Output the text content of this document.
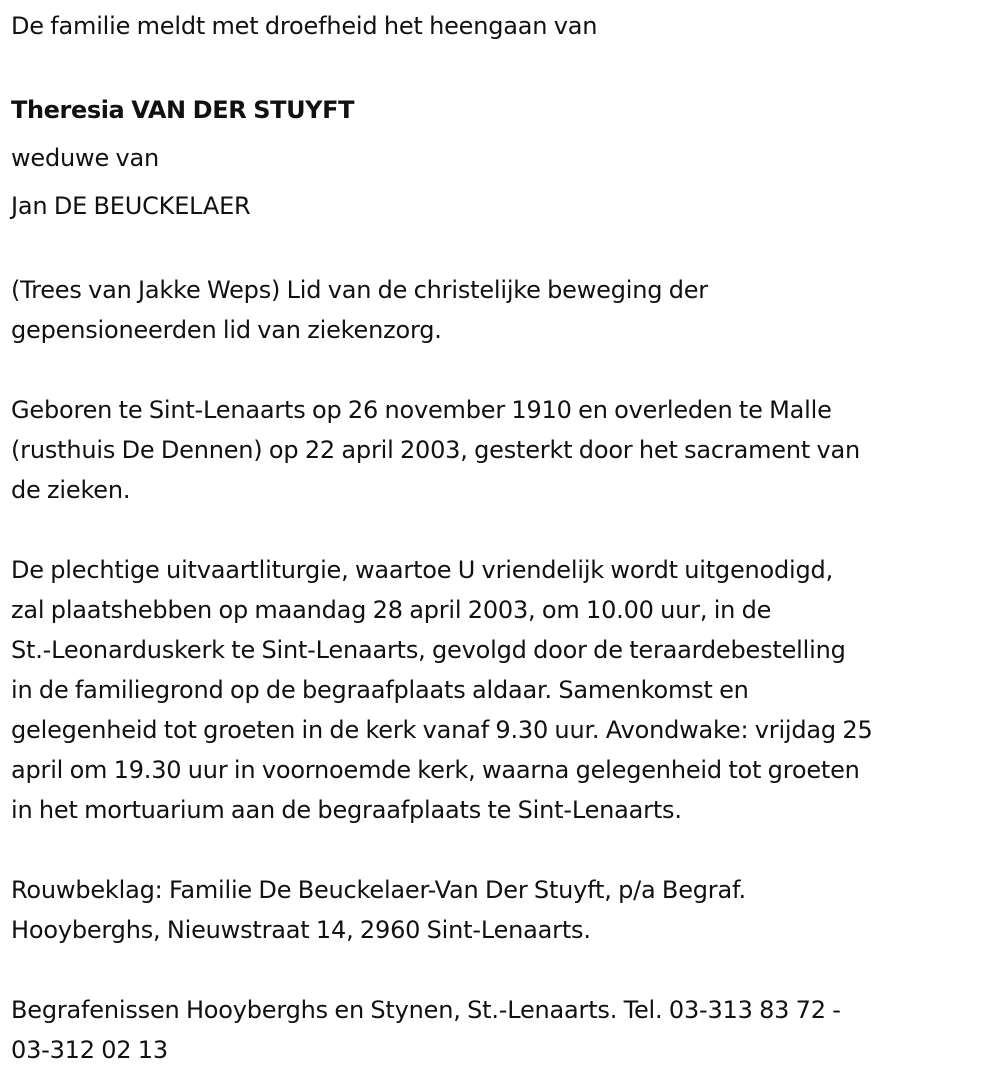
De familie meldt met droefheid het heengaan van
Theresia VAN DER STUYFT
weduwe van
Jan DE BEUCKELAER
(Trees van Jakke Weps) Lid van de christelijke beweging der
gepensioneerden lid van ziekenzorg.
Geboren te Sint-Lenaarts op 26 november 1910 en overleden te Malle
(rusthuis De Dennen) op 22 april 2003, gesterkt door het sacrament van
de zieken.
De plechtige uitvaartliturgie, waartoe U vriendelijk wordt uitgenodigd,
zal plaatshebben op maandag 28 april 2003, om 10.00 uur, in de
St.-Leonarduskerk te Sint-Lenaarts, gevolgd door de teraardebestelling
in de familiegrond op de begraafplaats aldaar. Samenkomst en
gelegenheid tot groeten in de kerk vanaf 9.30 uur. Avondwake: vrijdag 25
april om 19.30 uur in voornoemde kerk, waarna gelegenheid tot groeten
in het mortuarium aan de begraafplaats te Sint-Lenaarts.
Rouwbeklag: Familie De Beuckelaer-Van Der Stuyft, p/a Begraf.
Hooyberghs, Nieuwstraat 14, 2960 Sint-Lenaarts.
Begrafenissen Hooyberghs en Stynen, St.-Lenaarts. Tel. 03-313 83 72 -
03-312 02 13
